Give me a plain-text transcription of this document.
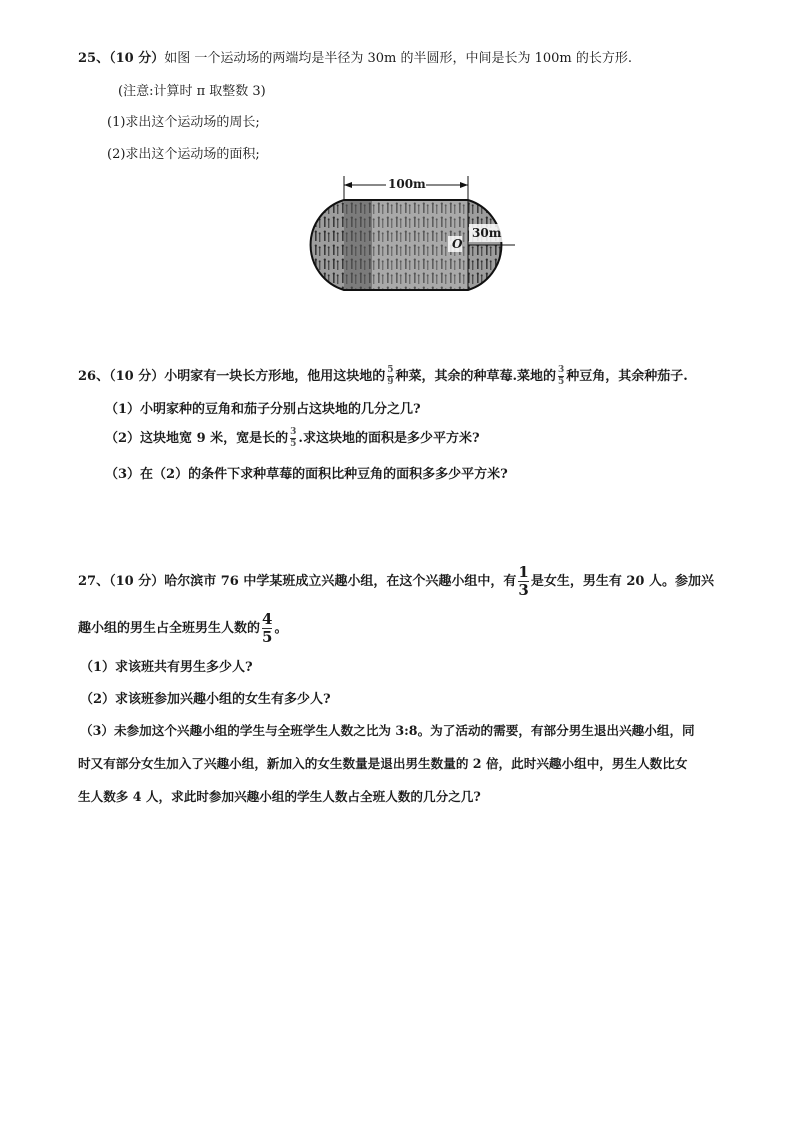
25、（10 分）如图 一个运动场的两端均是半径为 30m 的半圆形，中间是长为 100m 的长方形.
(注意:计算时 π 取整数 3)
(1)求出这个运动场的周长;
(2)求出这个运动场的面积;
100m
30m
O
26、（10 分）小明家有一块长方形地，他用这块地的 $\frac{5}{9}$ 种菜，其余的种草莓.菜地的 $\frac{3}{5}$ 种豆角，其余种茄子.
（1）小明家种的豆角和茄子分别占这块地的几分之几?
（2）这块地宽 9 米，宽是长的 $\frac{3}{5}$ .求这块地的面积是多少平方米?
（3）在（2）的条件下求种草莓的面积比种豆角的面积多多少平方米?
27、（10 分）哈尔滨市 76 中学某班成立兴趣小组，在这个兴趣小组中，有 $\frac{1}{3}$ 是女生，男生有 20 人。参加兴
趣小组的男生占全班男生人数的 $\frac{4}{5}$ 。
（1）求该班共有男生多少人?
（2）求该班参加兴趣小组的女生有多少人?
（3）未参加这个兴趣小组的学生与全班学生人数之比为 3:8。为了活动的需要，有部分男生退出兴趣小组，同
时又有部分女生加入了兴趣小组，新加入的女生数量是退出男生数量的 2 倍，此时兴趣小组中，男生人数比女
生人数多 4 人，求此时参加兴趣小组的学生人数占全班人数的几分之几?
